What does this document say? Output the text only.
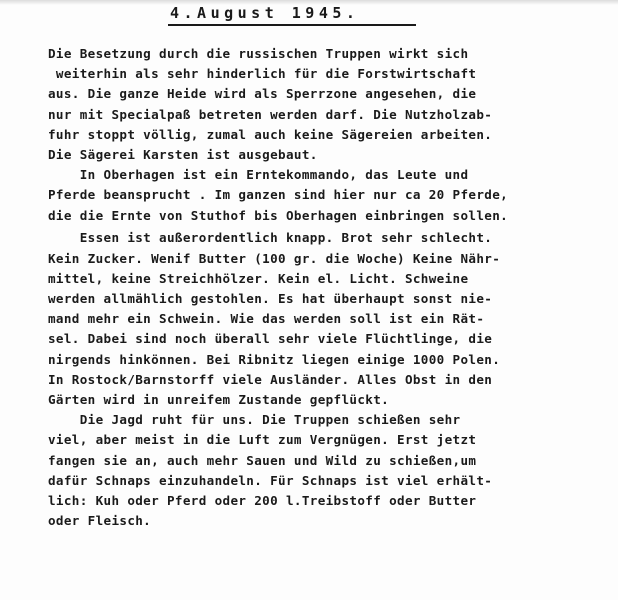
4.August 1945.
Die Besetzung durch die russischen Truppen wirkt sich
weiterhin als sehr hinderlich für die Forstwirtschaft
aus. Die ganze Heide wird als Sperrzone angesehen, die
nur mit Specialpaß betreten werden darf. Die Nutzholzab-
fuhr stoppt völlig, zumal auch keine Sägereien arbeiten.
Die Sägerei Karsten ist ausgebaut.
In Oberhagen ist ein Erntekommando, das Leute und
Pferde beansprucht . Im ganzen sind hier nur ca 20 Pferde,
die die Ernte von Stuthof bis Oberhagen einbringen sollen.
Essen ist außerordentlich knapp. Brot sehr schlecht.
Kein Zucker. Wenif Butter (100 gr. die Woche) Keine Nähr-
mittel, keine Streichhölzer. Kein el. Licht. Schweine
werden allmählich gestohlen. Es hat überhaupt sonst nie-
mand mehr ein Schwein. Wie das werden soll ist ein Rät-
sel. Dabei sind noch überall sehr viele Flüchtlinge, die
nirgends hinkönnen. Bei Ribnitz liegen einige 1000 Polen.
In Rostock/Barnstorff viele Ausländer. Alles Obst in den
Gärten wird in unreifem Zustande gepflückt.
Die Jagd ruht für uns. Die Truppen schießen sehr
viel, aber meist in die Luft zum Vergnügen. Erst jetzt
fangen sie an, auch mehr Sauen und Wild zu schießen,um
dafür Schnaps einzuhandeln. Für Schnaps ist viel erhält-
lich: Kuh oder Pferd oder 200 l.Treibstoff oder Butter
oder Fleisch.
